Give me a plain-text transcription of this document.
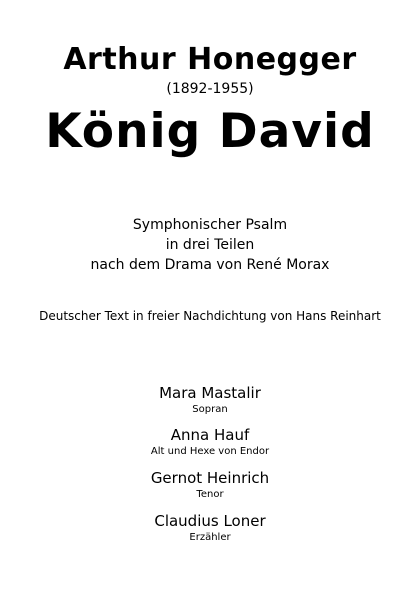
Arthur Honegger
(1892-1955)
König David
Symphonischer Psalm
in drei Teilen
nach dem Drama von René Morax
Deutscher Text in freier Nachdichtung von Hans Reinhart
Mara Mastalir
Sopran
Anna Hauf
Alt und Hexe von Endor
Gernot Heinrich
Tenor
Claudius Loner
Erzähler
